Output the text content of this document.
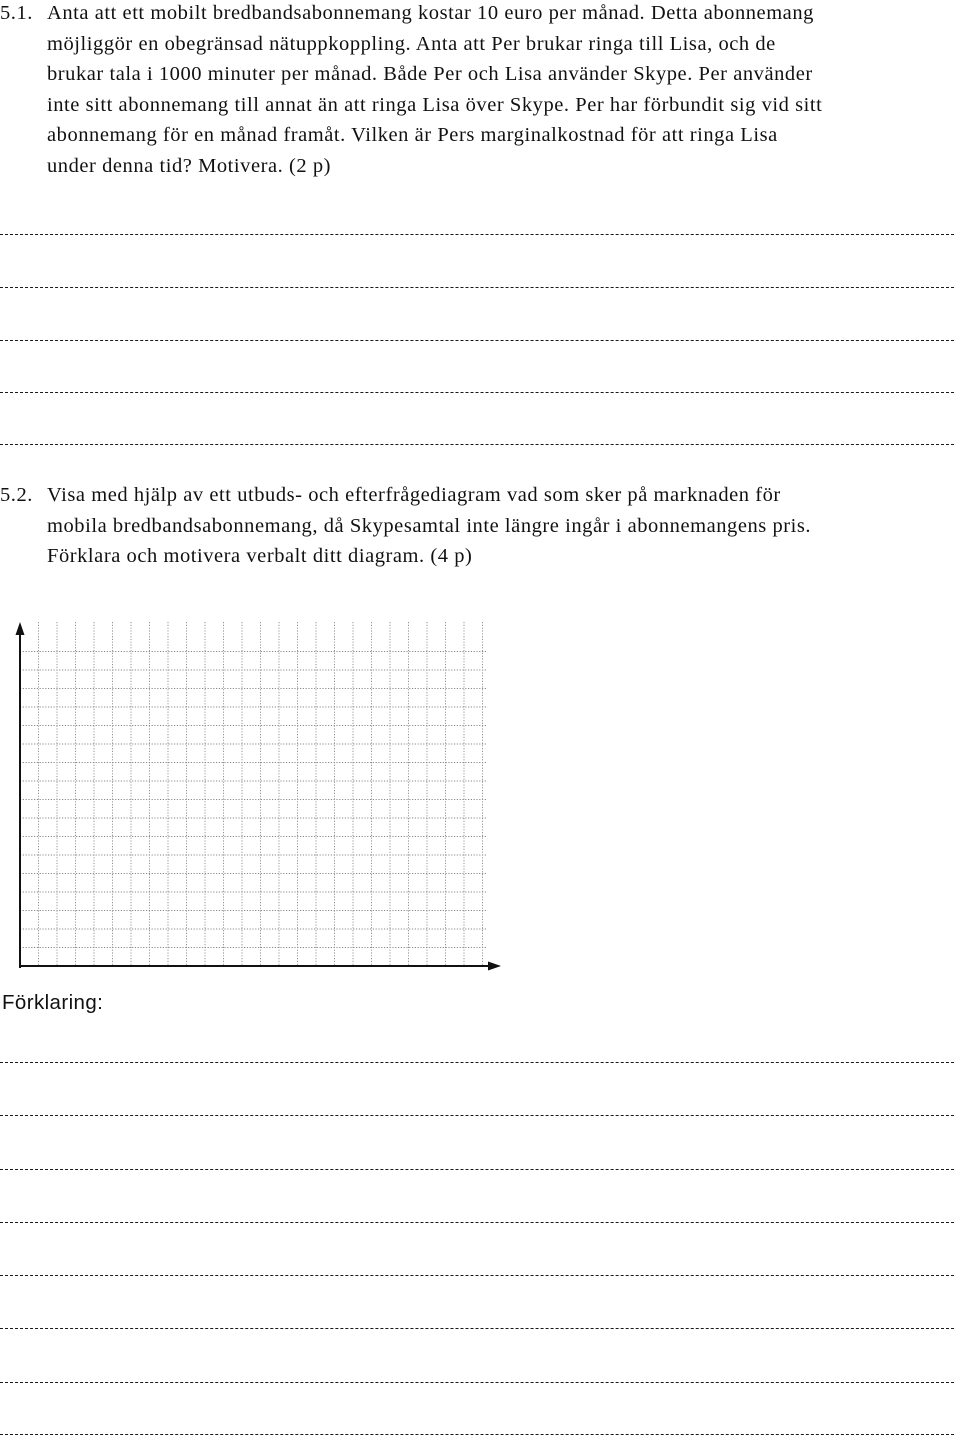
5.1. Anta att ett mobilt bredbandsabonnemang kostar 10 euro per månad. Detta abonnemang
möjliggör en obegränsad nätuppkoppling. Anta att Per brukar ringa till Lisa, och de
brukar tala i 1000 minuter per månad. Både Per och Lisa använder Skype. Per använder
inte sitt abonnemang till annat än att ringa Lisa över Skype. Per har förbundit sig vid sitt
abonnemang för en månad framåt. Vilken är Pers marginalkostnad för att ringa Lisa
under denna tid? Motivera. (2 p)
5.2. Visa med hjälp av ett utbuds- och efterfrågediagram vad som sker på marknaden för
mobila bredbandsabonnemang, då Skypesamtal inte längre ingår i abonnemangens pris.
Förklara och motivera verbalt ditt diagram. (4 p)
Förklaring:
